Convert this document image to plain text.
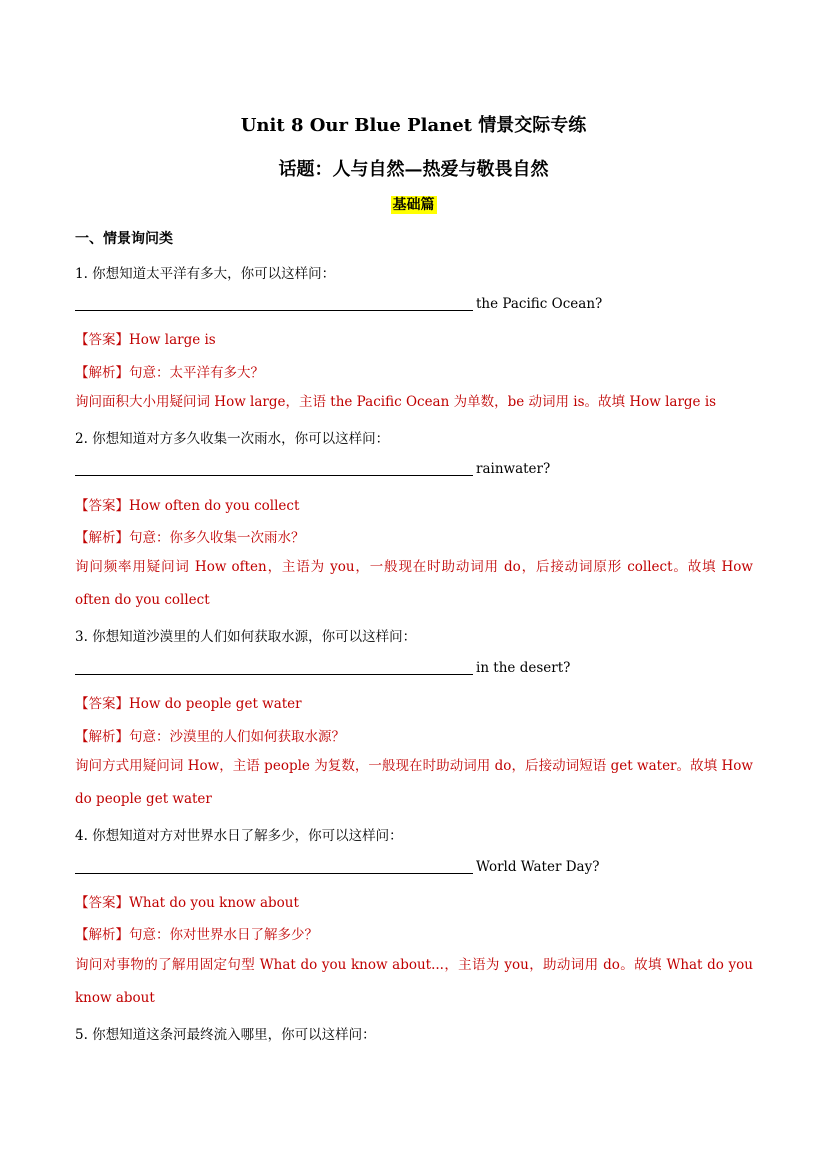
Unit 8 Our Blue Planet 情景交际专练
话题：人与自然—热爱与敬畏自然
基础篇
一、情景询问类
1. 你想知道太平洋有多大，你可以这样问：
the Pacific Ocean?
【答案】How large is
【解析】句意：太平洋有多大？
询问面积大小用疑问词 How large，主语 the Pacific Ocean 为单数，be 动词用 is。故填 How large is
2. 你想知道对方多久收集一次雨水，你可以这样问：
rainwater?
【答案】How often do you collect
【解析】句意：你多久收集一次雨水？
询问频率用疑问词 How often，主语为 you，一般现在时助动词用 do，后接动词原形 collect。故填 How often do you collect
3. 你想知道沙漠里的人们如何获取水源，你可以这样问：
in the desert?
【答案】How do people get water
【解析】句意：沙漠里的人们如何获取水源？
询问方式用疑问词 How，主语 people 为复数，一般现在时助动词用 do，后接动词短语 get water。故填 How do people get water
4. 你想知道对方对世界水日了解多少，你可以这样问：
World Water Day?
【答案】What do you know about
【解析】句意：你对世界水日了解多少？
询问对事物的了解用固定句型 What do you know about...，主语为 you，助动词用 do。故填 What do you know about
5. 你想知道这条河最终流入哪里，你可以这样问：
